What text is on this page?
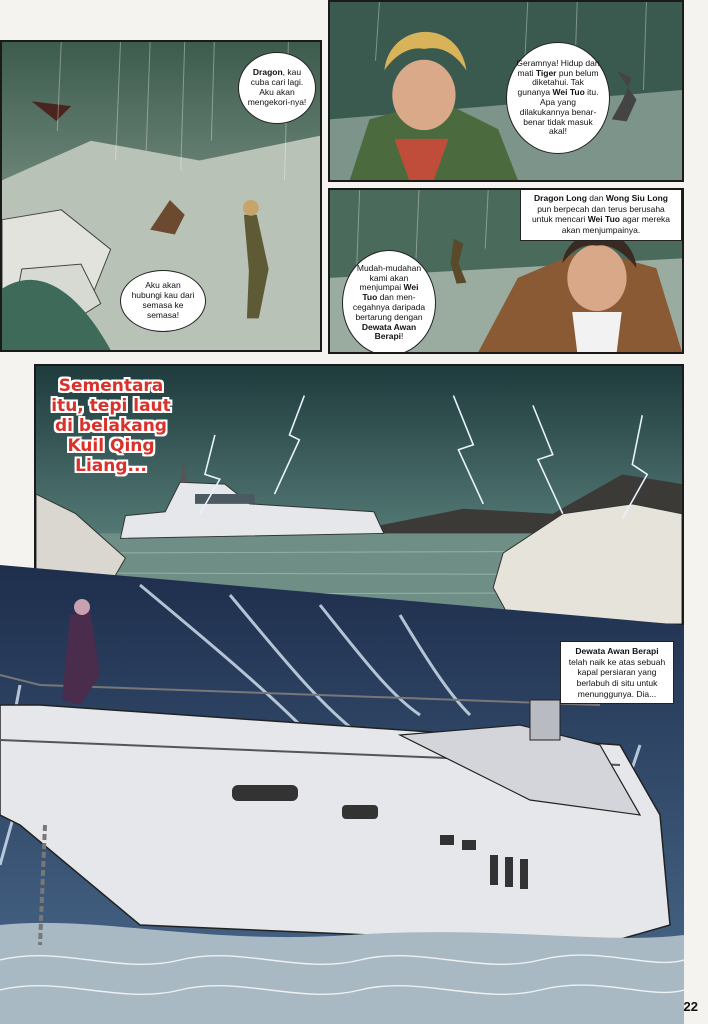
Dragon, kau cuba cari lagi. Aku akan mengekori-nya!
Aku akan hubungi kau dari semasa ke semasa!
Geramnya! Hidup dan mati Tiger pun belum diketahui. Tak gunanya Wei Tuo itu. Apa yang dilakukannya benar-benar tidak masuk akal!
Dragon Long dan Wong Siu Long pun berpecah dan terus berusaha untuk mencari Wei Tuo agar mereka akan menjumpainya.
Mudah-mudahan kami akan menjumpai Wei Tuo dan men-cegahnya daripada bertarung dengan Dewata Awan Berapi!
Sementara itu, tepi laut di belakang Kuil Qing Liang...
Dewata Awan Berapi telah naik ke atas sebuah kapal persiaran yang berlabuh di situ untuk menunggunya. Dia...
22
